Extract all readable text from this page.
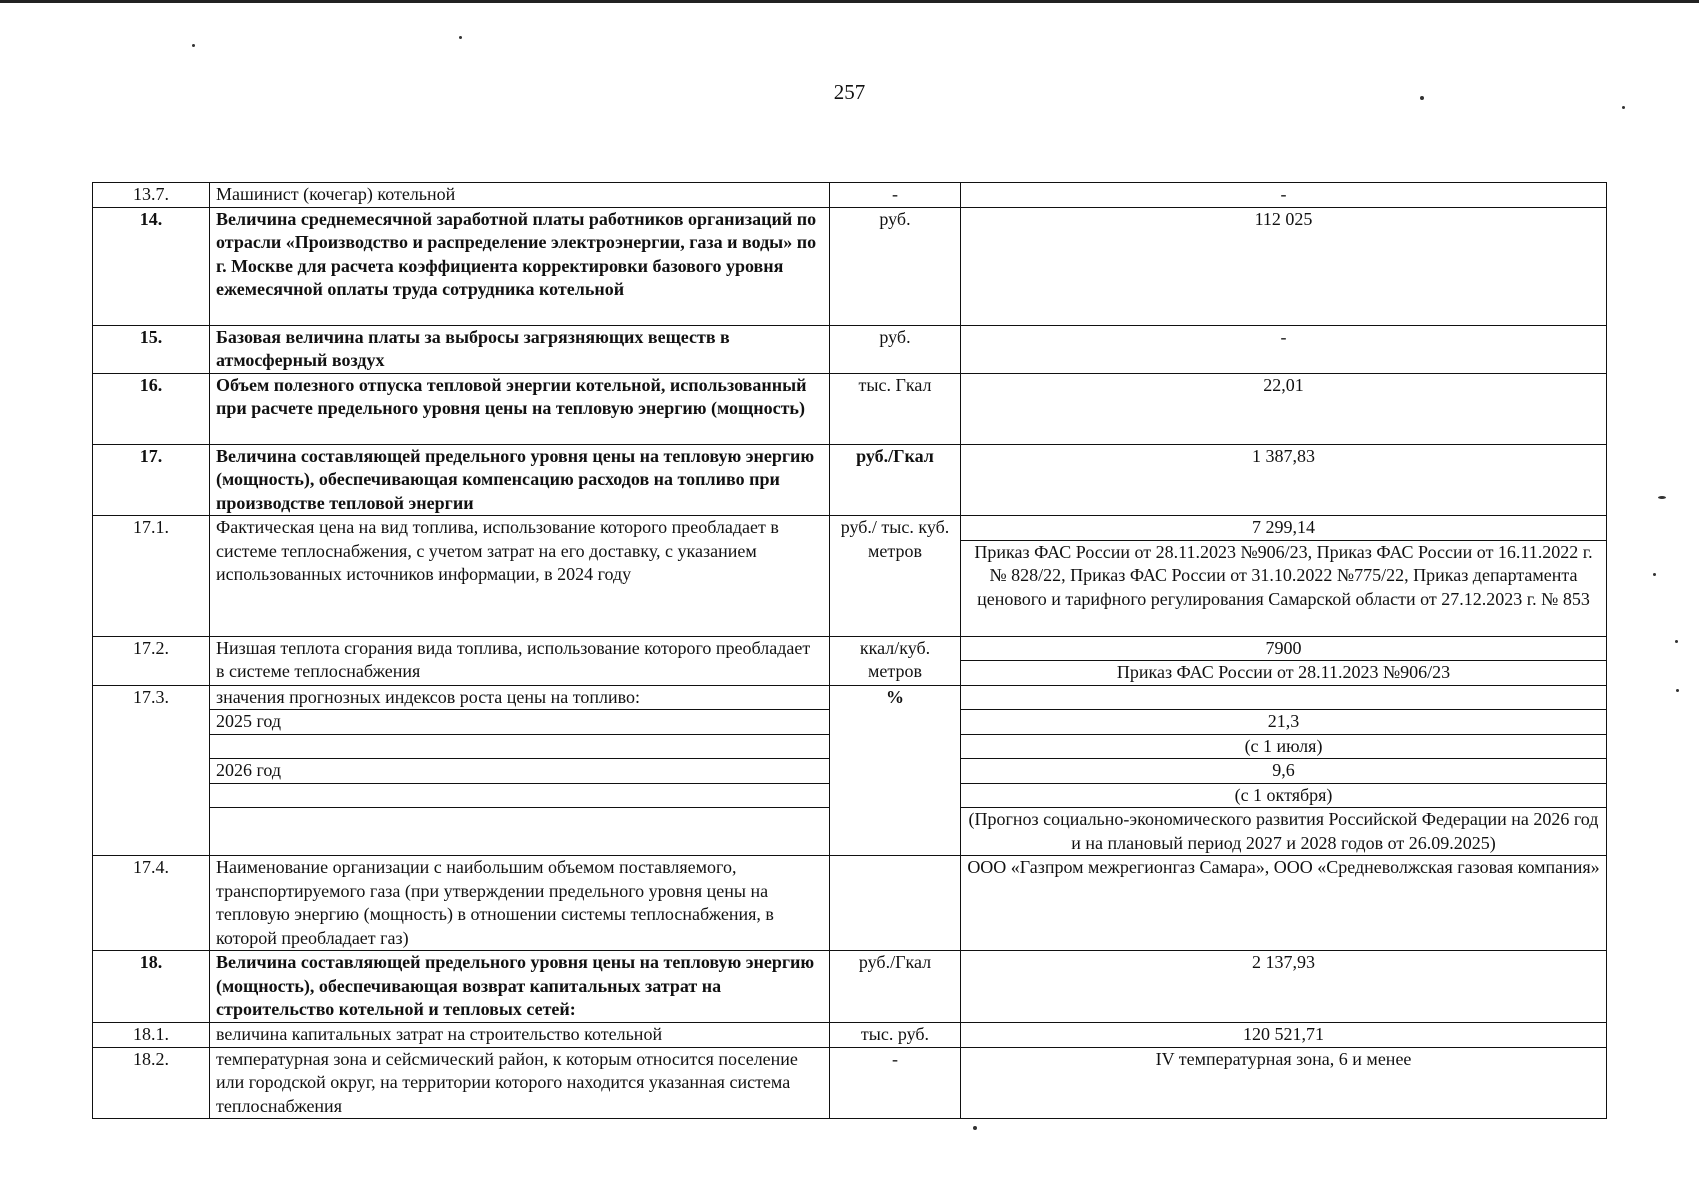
257
13.7.	Машинист (кочегар) котельной	-	-
14.	Величина среднемесячной заработной платы работников организаций по отрасли «Производство и распределение электроэнергии, газа и воды» по г. Москве для расчета коэффициента корректировки базового уровня ежемесячной оплаты труда сотрудника котельной	руб.	112 025
15.	Базовая величина платы за выбросы загрязняющих веществ в атмосферный воздух	руб.	-
16.	Объем полезного отпуска тепловой энергии котельной, использованный при расчете предельного уровня цены на тепловую энергию (мощность)	тыс. Гкал	22,01
17.	Величина составляющей предельного уровня цены на тепловую энергию (мощность), обеспечивающая компенсацию расходов на топливо при производстве тепловой энергии	руб./Гкал	1 387,83
17.1.	Фактическая цена на вид топлива, использование которого преобладает в системе теплоснабжения, с учетом затрат на его доставку, с указанием использованных источников информации, в 2024 году	руб./ тыс. куб. метров	7 299,14
			Приказ ФАС России от 28.11.2023 №906/23, Приказ ФАС России от 16.11.2022 г. № 828/22, Приказ ФАС России от 31.10.2022 №775/22, Приказ департамента ценового и тарифного регулирования Самарской области от 27.12.2023 г. № 853
17.2.	Низшая теплота сгорания вида топлива, использование которого преобладает в системе теплоснабжения	ккал/куб. метров	7900
			Приказ ФАС России от 28.11.2023 №906/23
17.3.	значения прогнозных индексов роста цены на топливо:	%	
	2025 год		21,3
			(с 1 июля)
	2026 год		9,6
			(с 1 октября)
			(Прогноз социально-экономического развития Российской Федерации на 2026 год и на плановый период 2027 и 2028 годов от 26.09.2025)
17.4.	Наименование организации с наибольшим объемом поставляемого, транспортируемого газа (при утверждении предельного уровня цены на тепловую энергию (мощность) в отношении системы теплоснабжения, в которой преобладает газ)		ООО «Газпром межрегионгаз Самара», ООО «Средневолжская газовая компания»
18.	Величина составляющей предельного уровня цены на тепловую энергию (мощность), обеспечивающая возврат капитальных затрат на строительство котельной и тепловых сетей:	руб./Гкал	2 137,93
18.1.	величина капитальных затрат на строительство котельной	тыс. руб.	120 521,71
18.2.	температурная зона и сейсмический район, к которым относится поселение или городской округ, на территории которого находится указанная система теплоснабжения	-	IV температурная зона, 6 и менее
